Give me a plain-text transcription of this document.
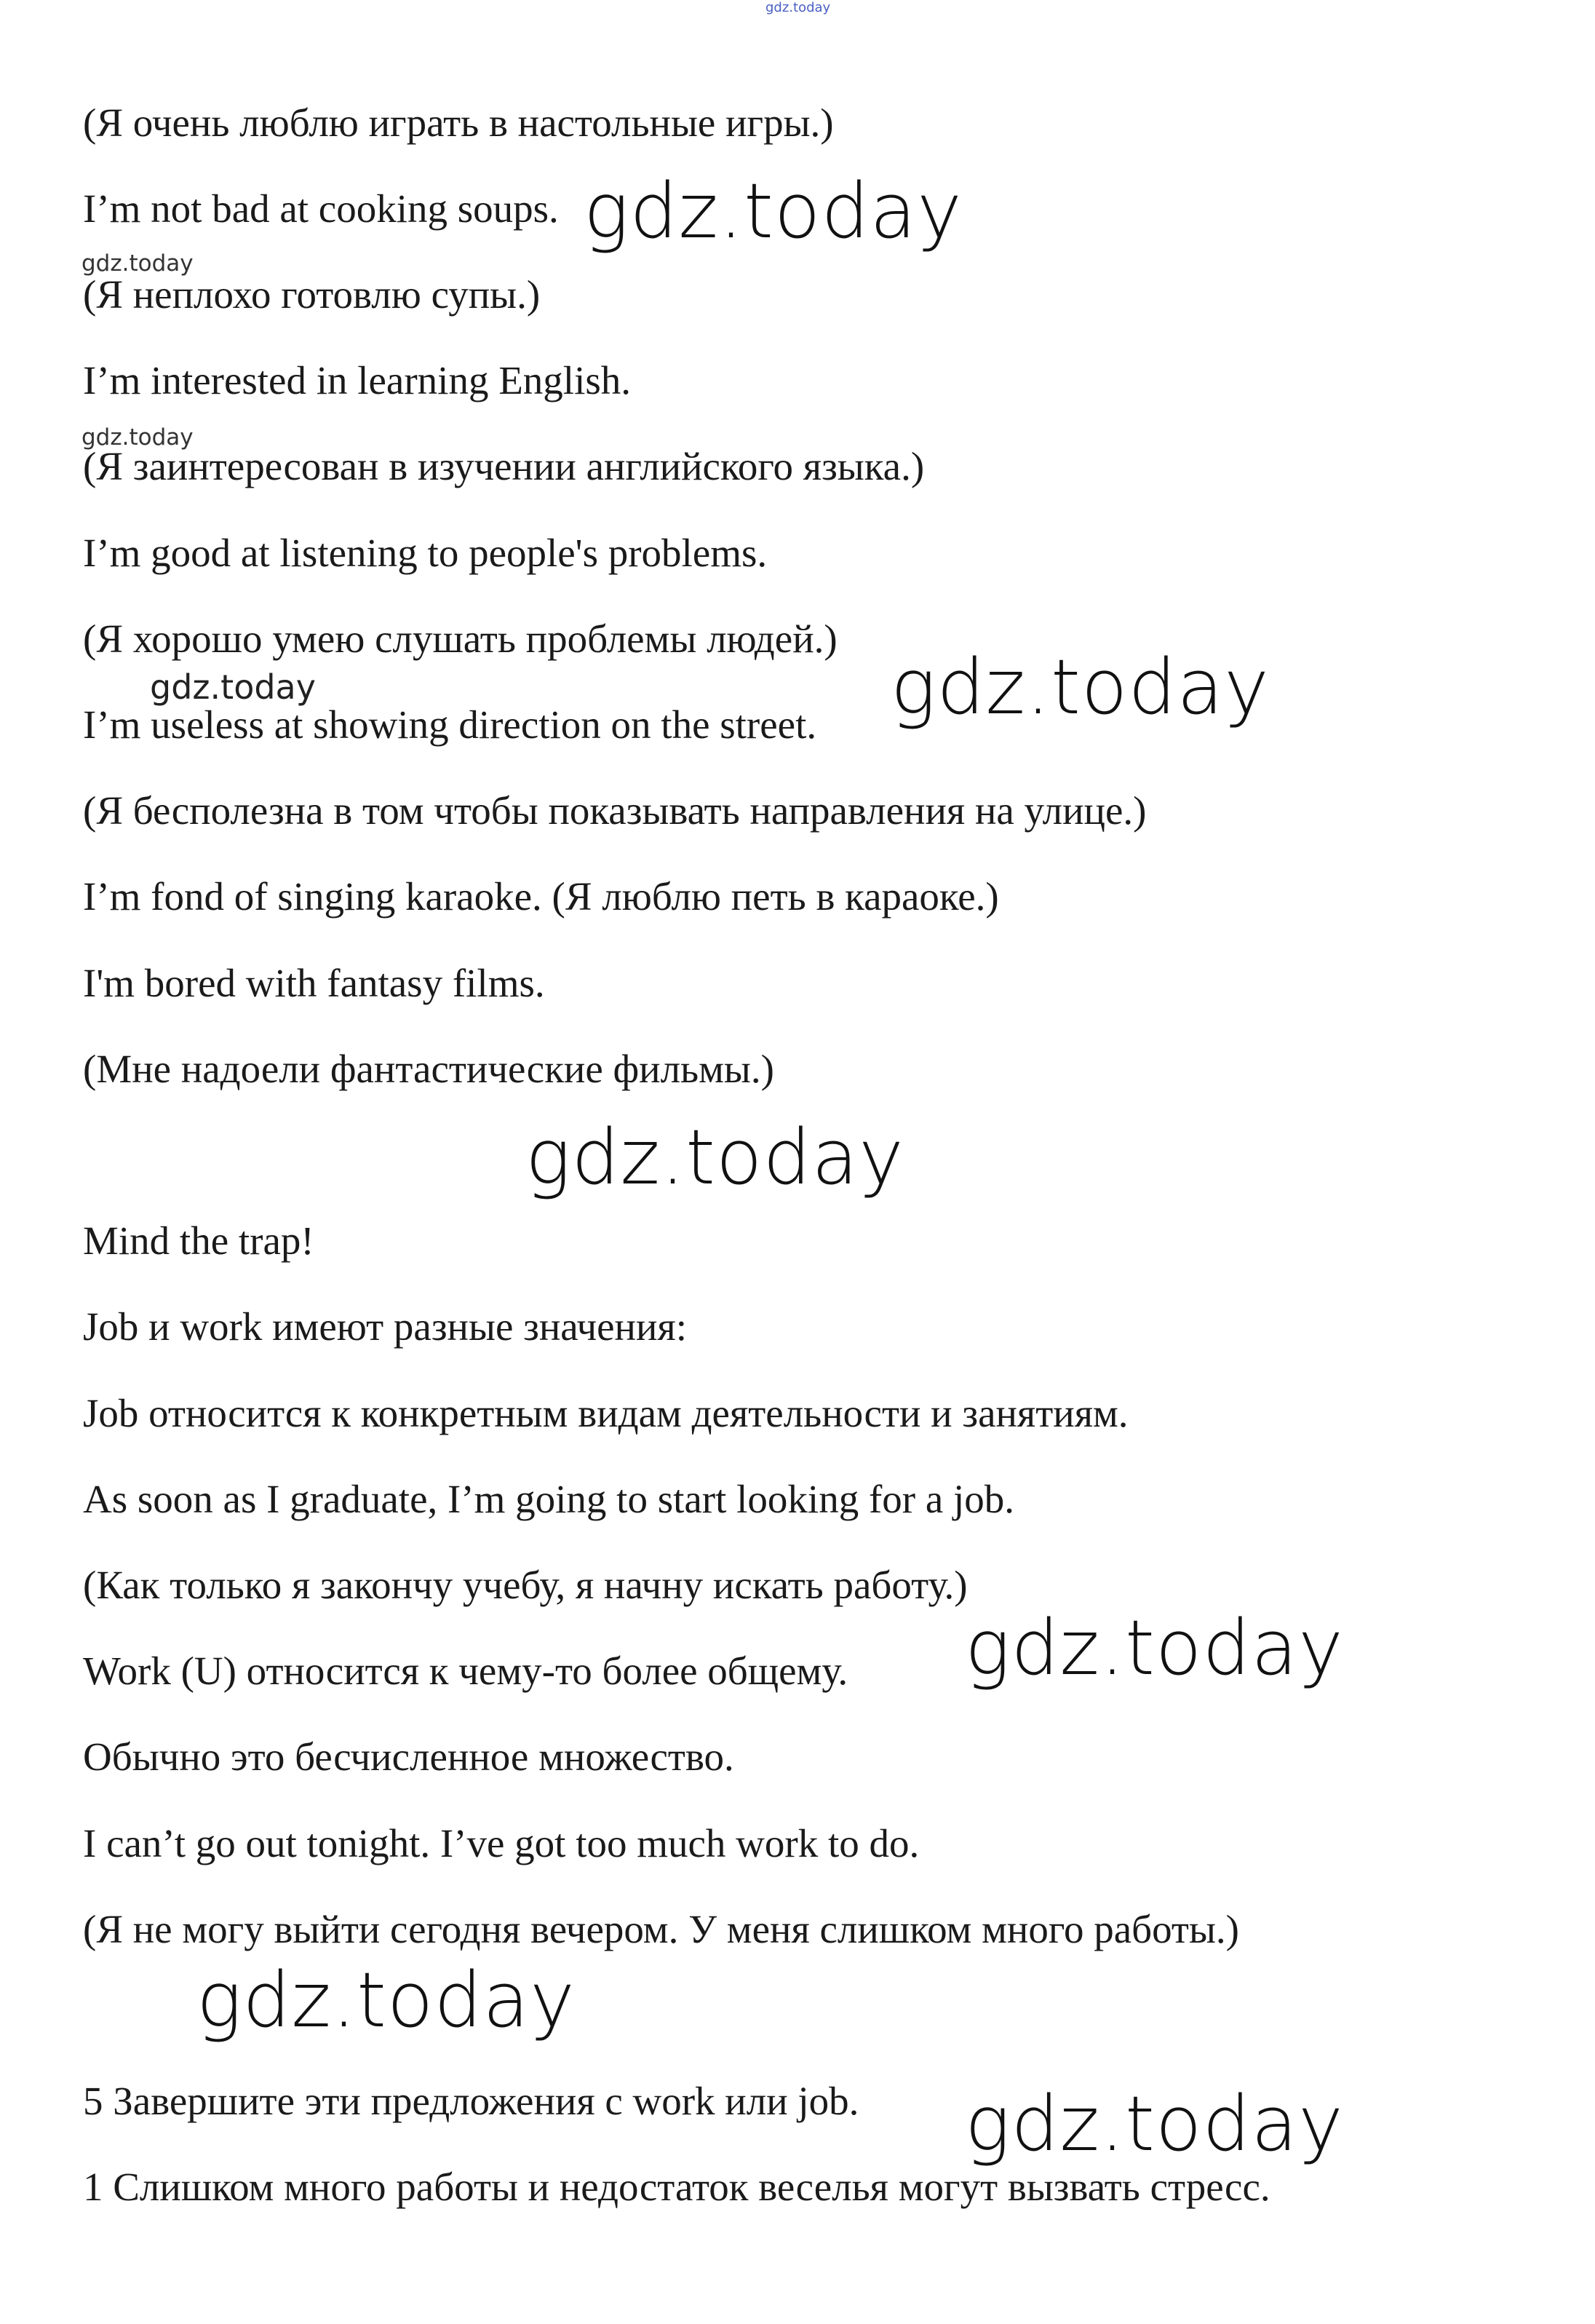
gdz.today
(Я очень люблю играть в настольные игры.)
I’m not bad at cooking soups.
(Я неплохо готовлю супы.)
I’m interested in learning English.
(Я заинтересован в изучении английского языка.)
I’m good at listening to people's problems.
(Я хорошо умею слушать проблемы людей.)
I’m useless at showing direction on the street.
(Я бесполезна в том чтобы показывать направления на улице.)
I’m fond of singing karaoke. (Я люблю петь в караоке.)
I'm bored with fantasy films.
(Мне надоели фантастические фильмы.)
Mind the trap!
Job и work имеют разные значения:
Job относится к конкретным видам деятельности и занятиям.
As soon as I graduate, I’m going to start looking for a job.
(Как только я закончу учебу, я начну искать работу.)
Work (U) относится к чему-то более общему.
Обычно это бесчисленное множество.
I can’t go out tonight. I’ve got too much work to do.
(Я не могу выйти сегодня вечером. У меня слишком много работы.)
5 Завершите эти предложения с work или job.
1 Слишком много работы и недостаток веселья могут вызвать стресс.
gdz.today
gdz.today
gdz.today
gdz.today
gdz.today
gdz.today
gdz.today
gdz.today
gdz.today
